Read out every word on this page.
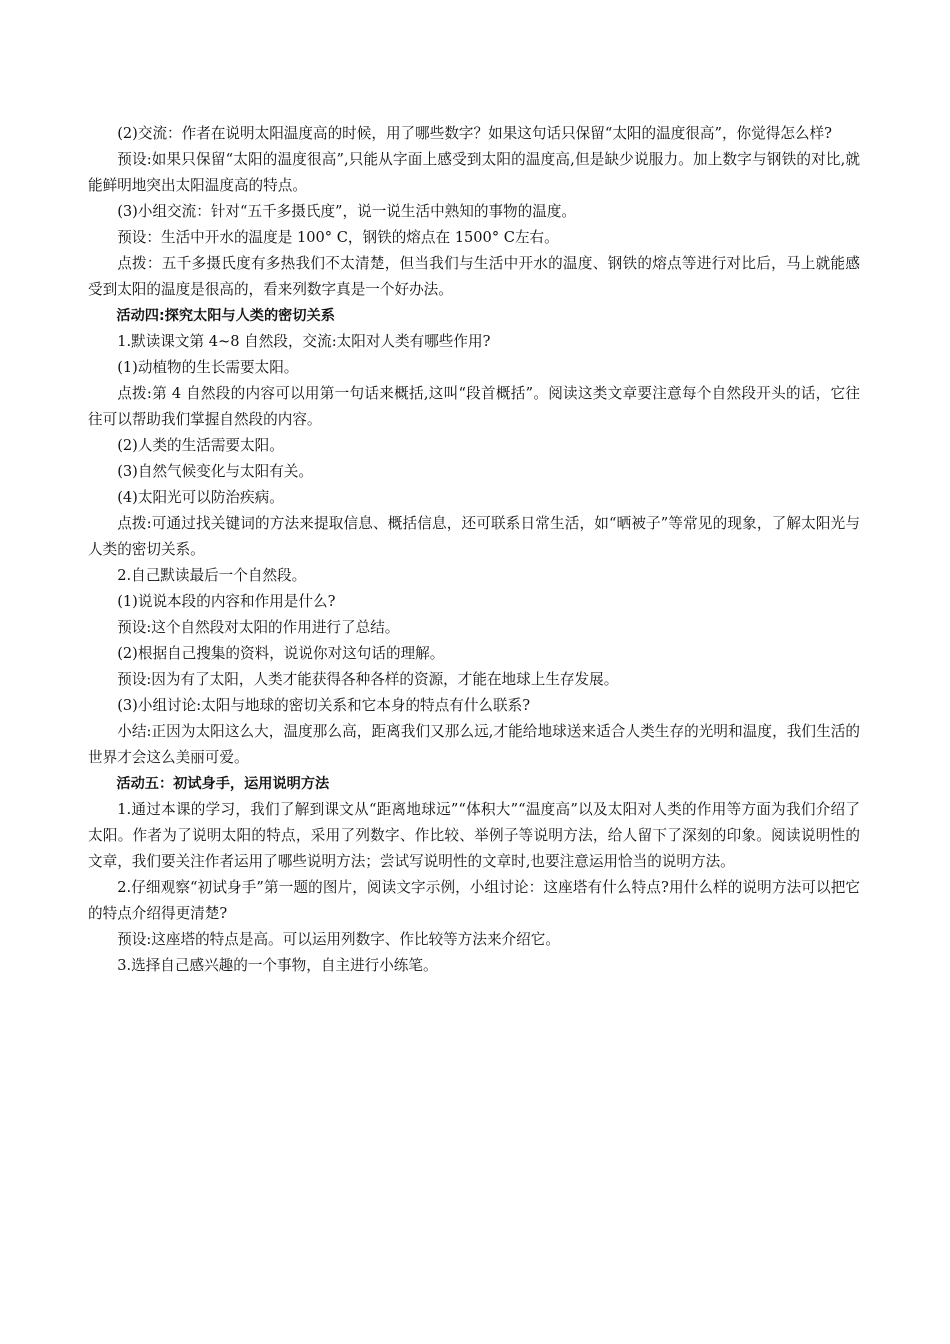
(2)交流：作者在说明太阳温度高的时候，用了哪些数字？如果这句话只保留“太阳的温度很高”，你觉得怎么样?

预设:如果只保留“太阳的温度很高”,只能从字面上感受到太阳的温度高,但是缺少说服力。加上数字与钢铁的对比,就能鲜明地突出太阳温度高的特点。

(3)小组交流：针对“五千多摄氏度”，说一说生活中熟知的事物的温度。

预设：生活中开水的温度是 100° C，钢铁的熔点在 1500° C左右。

点拨：五千多摄氏度有多热我们不太清楚，但当我们与生活中开水的温度、钢铁的熔点等进行对比后，马上就能感受到太阳的温度是很高的，看来列数字真是一个好办法。

活动四:探究太阳与人类的密切关系

1.默读课文第 4~8 自然段，交流:太阳对人类有哪些作用?

(1)动植物的生长需要太阳。

点拨:第 4 自然段的内容可以用第一句话来概括,这叫“段首概括”。阅读这类文章要注意每个自然段开头的话，它往往可以帮助我们掌握自然段的内容。

(2)人类的生活需要太阳。

(3)自然气候变化与太阳有关。

(4)太阳光可以防治疾病。

点拨:可通过找关键词的方法来提取信息、概括信息，还可联系日常生活，如“晒被子”等常见的现象，了解太阳光与人类的密切关系。

2.自己默读最后一个自然段。

(1)说说本段的内容和作用是什么?

预设:这个自然段对太阳的作用进行了总结。

(2)根据自己搜集的资料，说说你对这句话的理解。

预设:因为有了太阳，人类才能获得各种各样的资源，才能在地球上生存发展。

(3)小组讨论:太阳与地球的密切关系和它本身的特点有什么联系?

小结:正因为太阳这么大，温度那么高，距离我们又那么远,才能给地球送来适合人类生存的光明和温度，我们生活的世界才会这么美丽可爱。

活动五：初试身手，运用说明方法

1.通过本课的学习，我们了解到课文从“距离地球远”“体积大”“温度高”以及太阳对人类的作用等方面为我们介绍了太阳。作者为了说明太阳的特点，采用了列数字、作比较、举例子等说明方法，给人留下了深刻的印象。阅读说明性的文章，我们要关注作者运用了哪些说明方法；尝试写说明性的文章时,也要注意运用恰当的说明方法。

2.仔细观察“初试身手”第一题的图片，阅读文字示例，小组讨论：这座塔有什么特点?用什么样的说明方法可以把它的特点介绍得更清楚?

预设:这座塔的特点是高。可以运用列数字、作比较等方法来介绍它。

3.选择自己感兴趣的一个事物，自主进行小练笔。
